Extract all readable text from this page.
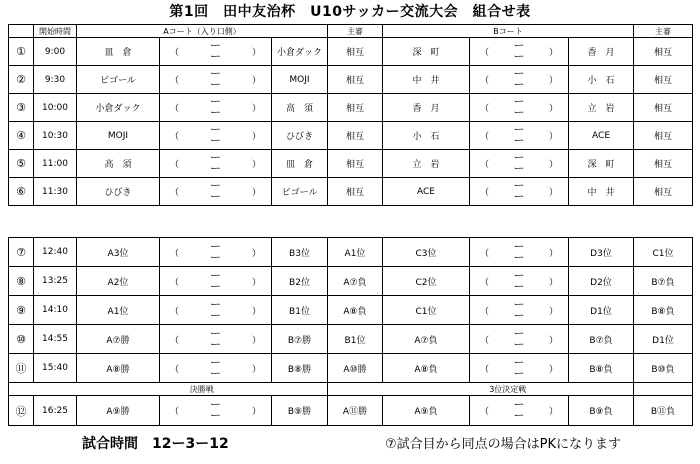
第1回　田中友治杯　U10サッカー交流大会　組合せ表
	開始時間	Aコート（入り口側）			主審	Bコート			主審
①	9:00	皿　倉	（
ー
ー ）	小倉ダック	相互	深　町	（
ー
ー ）	香　月	相互
②	9:30	ビゴール	（
ー
ー ）	MOJI	相互	中　井	（
ー
ー ）	小　石	相互
③	10:00	小倉ダック	（
ー
ー ）	高　須	相互	香　月	（
ー
ー ）	立　岩	相互
④	10:30	MOJI	（
ー
ー ）	ひびき	相互	小　石	（
ー
ー ）	ACE	相互
⑤	11:00	高　須	（
ー
ー ）	皿　倉	相互	立　岩	（
ー
ー ）	深　町	相互
⑥	11:30	ひびき	（
ー
ー ）	ビゴール	相互	ACE	（
ー
ー ）	中　井	相互
⑦	12:40	A3位	（
ー
ー ）	B3位	A1位	C3位	（
ー
ー ）	D3位	C1位
⑧	13:25	A2位	（
ー
ー ）	B2位	A⑦負	C2位	（
ー
ー ）	D2位	B⑦負
⑨	14:10	A1位	（
ー
ー ）	B1位	A⑧負	C1位	（
ー
ー ）	D1位	B⑧負
⑩	14:55	A⑦勝	（
ー
ー ）	B⑦勝	B1位	A⑦負	（
ー
ー ）	B⑦負	D1位
⑪	15:40	A⑧勝	（
ー
ー ）	B⑧勝	A⑩勝	A⑧負	（
ー
ー ）	B⑧負	B⑩負
		決勝戦				3位決定戦			
⑫	16:25	A⑨勝	（
ー
ー ）	B⑨勝	A⑪勝	A⑨負	（
ー
ー ）	B⑨負	B⑪負
試合時間　12ー3ー12	⑦試合目から同点の場合はPKになります
